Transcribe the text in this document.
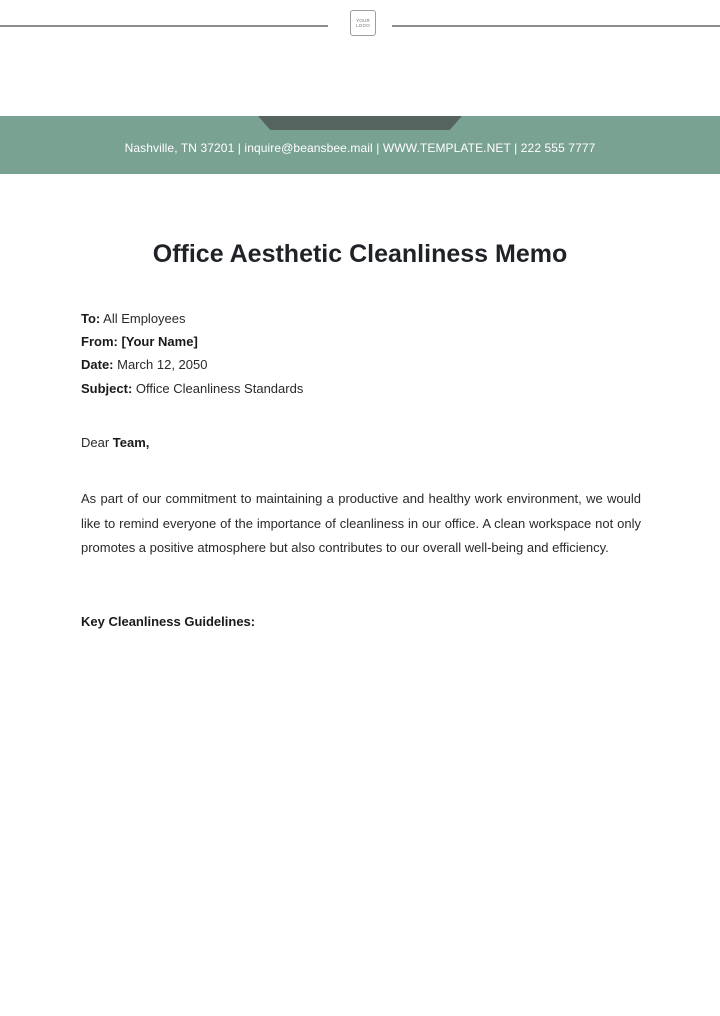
YOUR
LOGO
Nashville, TN 37201 | inquire@beansbee.mail | WWW.TEMPLATE.NET | 222 555 7777
Office Aesthetic Cleanliness Memo
To: All Employees
From: [Your Name]
Date: March 12, 2050
Subject: Office Cleanliness Standards
Dear Team,
As part of our commitment to maintaining a productive and healthy work environment, we would like to remind everyone of the importance of cleanliness in our office. A clean workspace not only promotes a positive atmosphere but also contributes to our overall well-being and efficiency.
Key Cleanliness Guidelines:
